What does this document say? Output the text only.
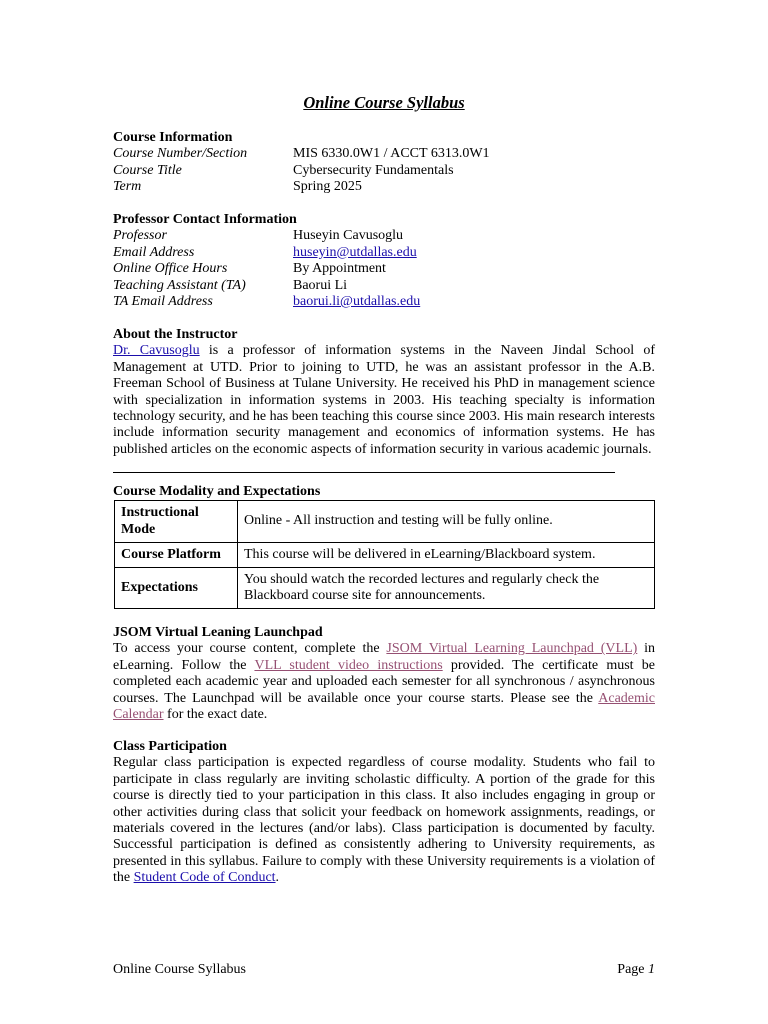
Online Course Syllabus
Course Information
Course Number/Section	MIS 6330.0W1 / ACCT 6313.0W1
Course Title	Cybersecurity Fundamentals
Term	Spring 2025
Professor Contact Information
Professor	Huseyin Cavusoglu
Email Address	huseyin@utdallas.edu
Online Office Hours	By Appointment
Teaching Assistant (TA)	Baorui Li
TA Email Address	baorui.li@utdallas.edu
About the Instructor
Dr. Cavusoglu is a professor of information systems in the Naveen Jindal School of Management at UTD. Prior to joining to UTD, he was an assistant professor in the A.B. Freeman School of Business at Tulane University. He received his PhD in management science with specialization in information systems in 2003. His teaching specialty is information technology security, and he has been teaching this course since 2003. His main research interests include information security management and economics of information systems. He has published articles on the economic aspects of information security in various academic journals.
Course Modality and Expectations
Instructional Mode	Online - All instruction and testing will be fully online.
Course Platform	This course will be delivered in eLearning/Blackboard system.
Expectations	You should watch the recorded lectures and regularly check the Blackboard course site for announcements.
JSOM Virtual Leaning Launchpad
To access your course content, complete the JSOM Virtual Learning Launchpad (VLL) in eLearning. Follow the VLL student video instructions provided. The certificate must be completed each academic year and uploaded each semester for all synchronous / asynchronous courses. The Launchpad will be available once your course starts. Please see the Academic Calendar for the exact date.
Class Participation
Regular class participation is expected regardless of course modality. Students who fail to participate in class regularly are inviting scholastic difficulty. A portion of the grade for this course is directly tied to your participation in this class. It also includes engaging in group or other activities during class that solicit your feedback on homework assignments, readings, or materials covered in the lectures (and/or labs). Class participation is documented by faculty. Successful participation is defined as consistently adhering to University requirements, as presented in this syllabus. Failure to comply with these University requirements is a violation of the Student Code of Conduct.
Online Course Syllabus	Page 1
